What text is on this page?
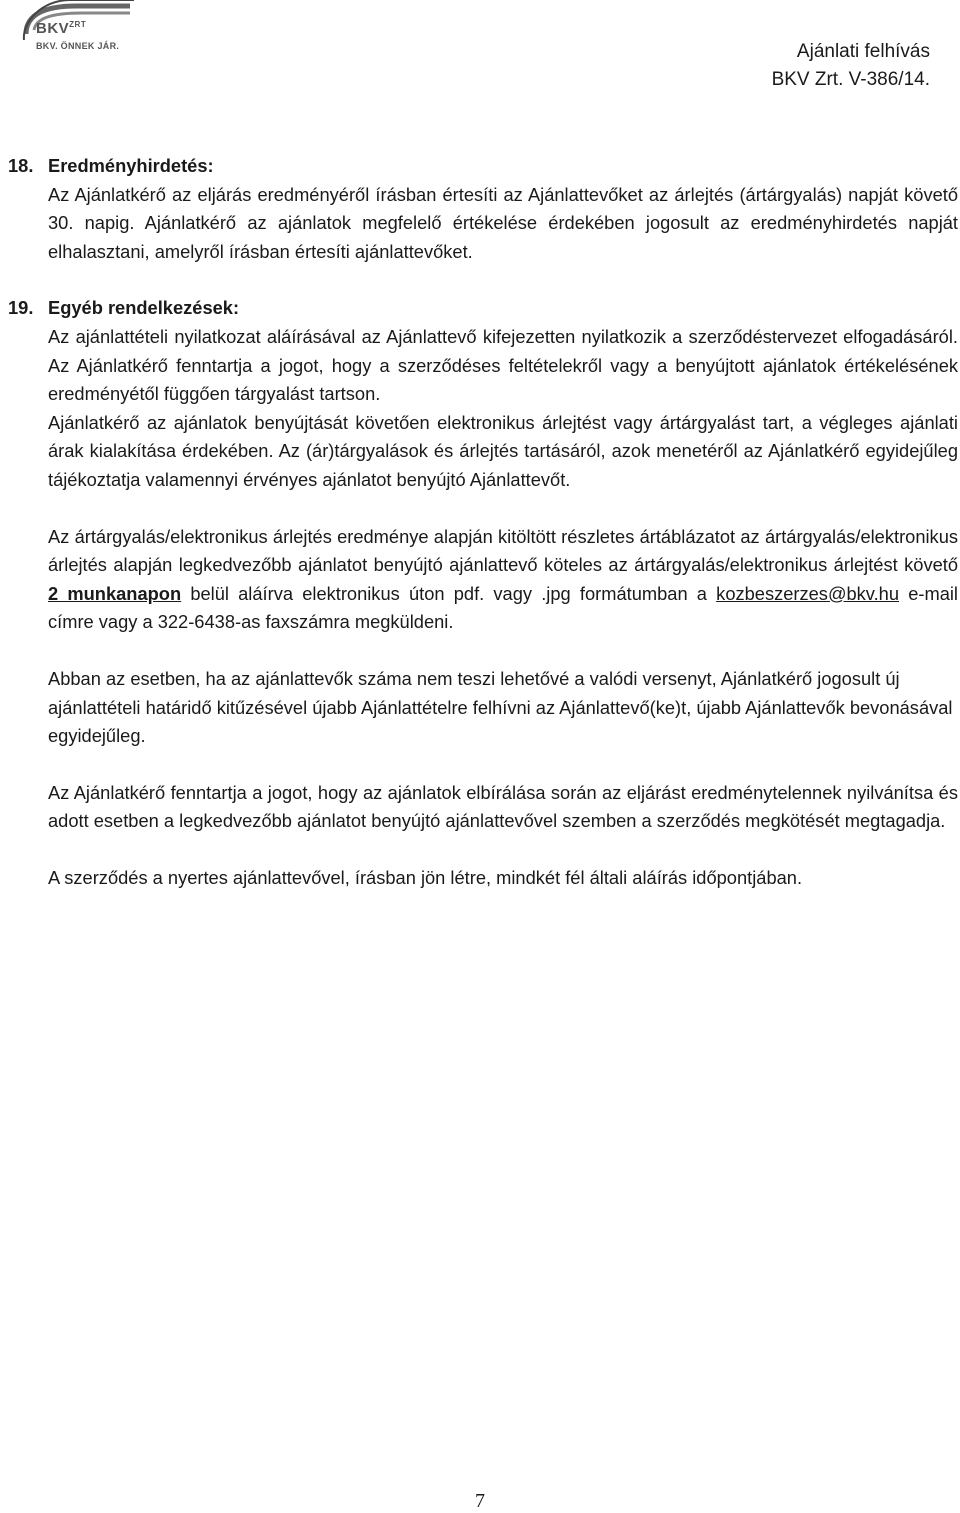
$BKV^{ZRT}$
BKV. ÖNNEK JÁR.	Ajánlati felhívás
BKV Zrt. V-386/14.
18. Eredményhirdetés:

Az Ajánlatkérő az eljárás eredményéről írásban értesíti az Ajánlattevőket az árlejtés (ártárgyalás) napját követő 30. napig. Ajánlatkérő az ajánlatok megfelelő értékelése érdekében jogosult az eredményhirdetés napját elhalasztani, amelyről írásban értesíti ajánlattevőket.

19. Egyéb rendelkezések:

Az ajánlattételi nyilatkozat aláírásával az Ajánlattevő kifejezetten nyilatkozik a szerződéstervezet elfogadásáról. Az Ajánlatkérő fenntartja a jogot, hogy a szerződéses feltételekről vagy a benyújtott ajánlatok értékelésének eredményétől függően tárgyalást tartson.

Ajánlatkérő az ajánlatok benyújtását követően elektronikus árlejtést vagy ártárgyalást tart, a végleges ajánlati árak kialakítása érdekében. Az (ár)tárgyalások és árlejtés tartásáról, azok menetéről az Ajánlatkérő egyidejűleg tájékoztatja valamennyi érvényes ajánlatot benyújtó Ajánlattevőt.

Az ártárgyalás/elektronikus árlejtés eredménye alapján kitöltött részletes ártáblázatot az ártárgyalás/elektronikus árlejtés alapján legkedvezőbb ajánlatot benyújtó ajánlattevő köteles az ártárgyalás/elektronikus árlejtést követő 2 munkanapon belül aláírva elektronikus úton pdf. vagy .jpg formátumban a kozbeszerzes@bkv.hu e-mail címre vagy a 322-6438-as faxszámra megküldeni.

Abban az esetben, ha az ajánlattevők száma nem teszi lehetővé a valódi versenyt, Ajánlatkérő jogosult új ajánlattételi határidő kitűzésével újabb Ajánlattételre felhívni az Ajánlattevő(ke)t, újabb Ajánlattevők bevonásával egyidejűleg.

Az Ajánlatkérő fenntartja a jogot, hogy az ajánlatok elbírálása során az eljárást eredménytelennek nyilvánítsa és adott esetben a legkedvezőbb ajánlatot benyújtó ajánlattevővel szemben a szerződés megkötését megtagadja.

A szerződés a nyertes ajánlattevővel, írásban jön létre, mindkét fél általi aláírás időpontjában.

7
